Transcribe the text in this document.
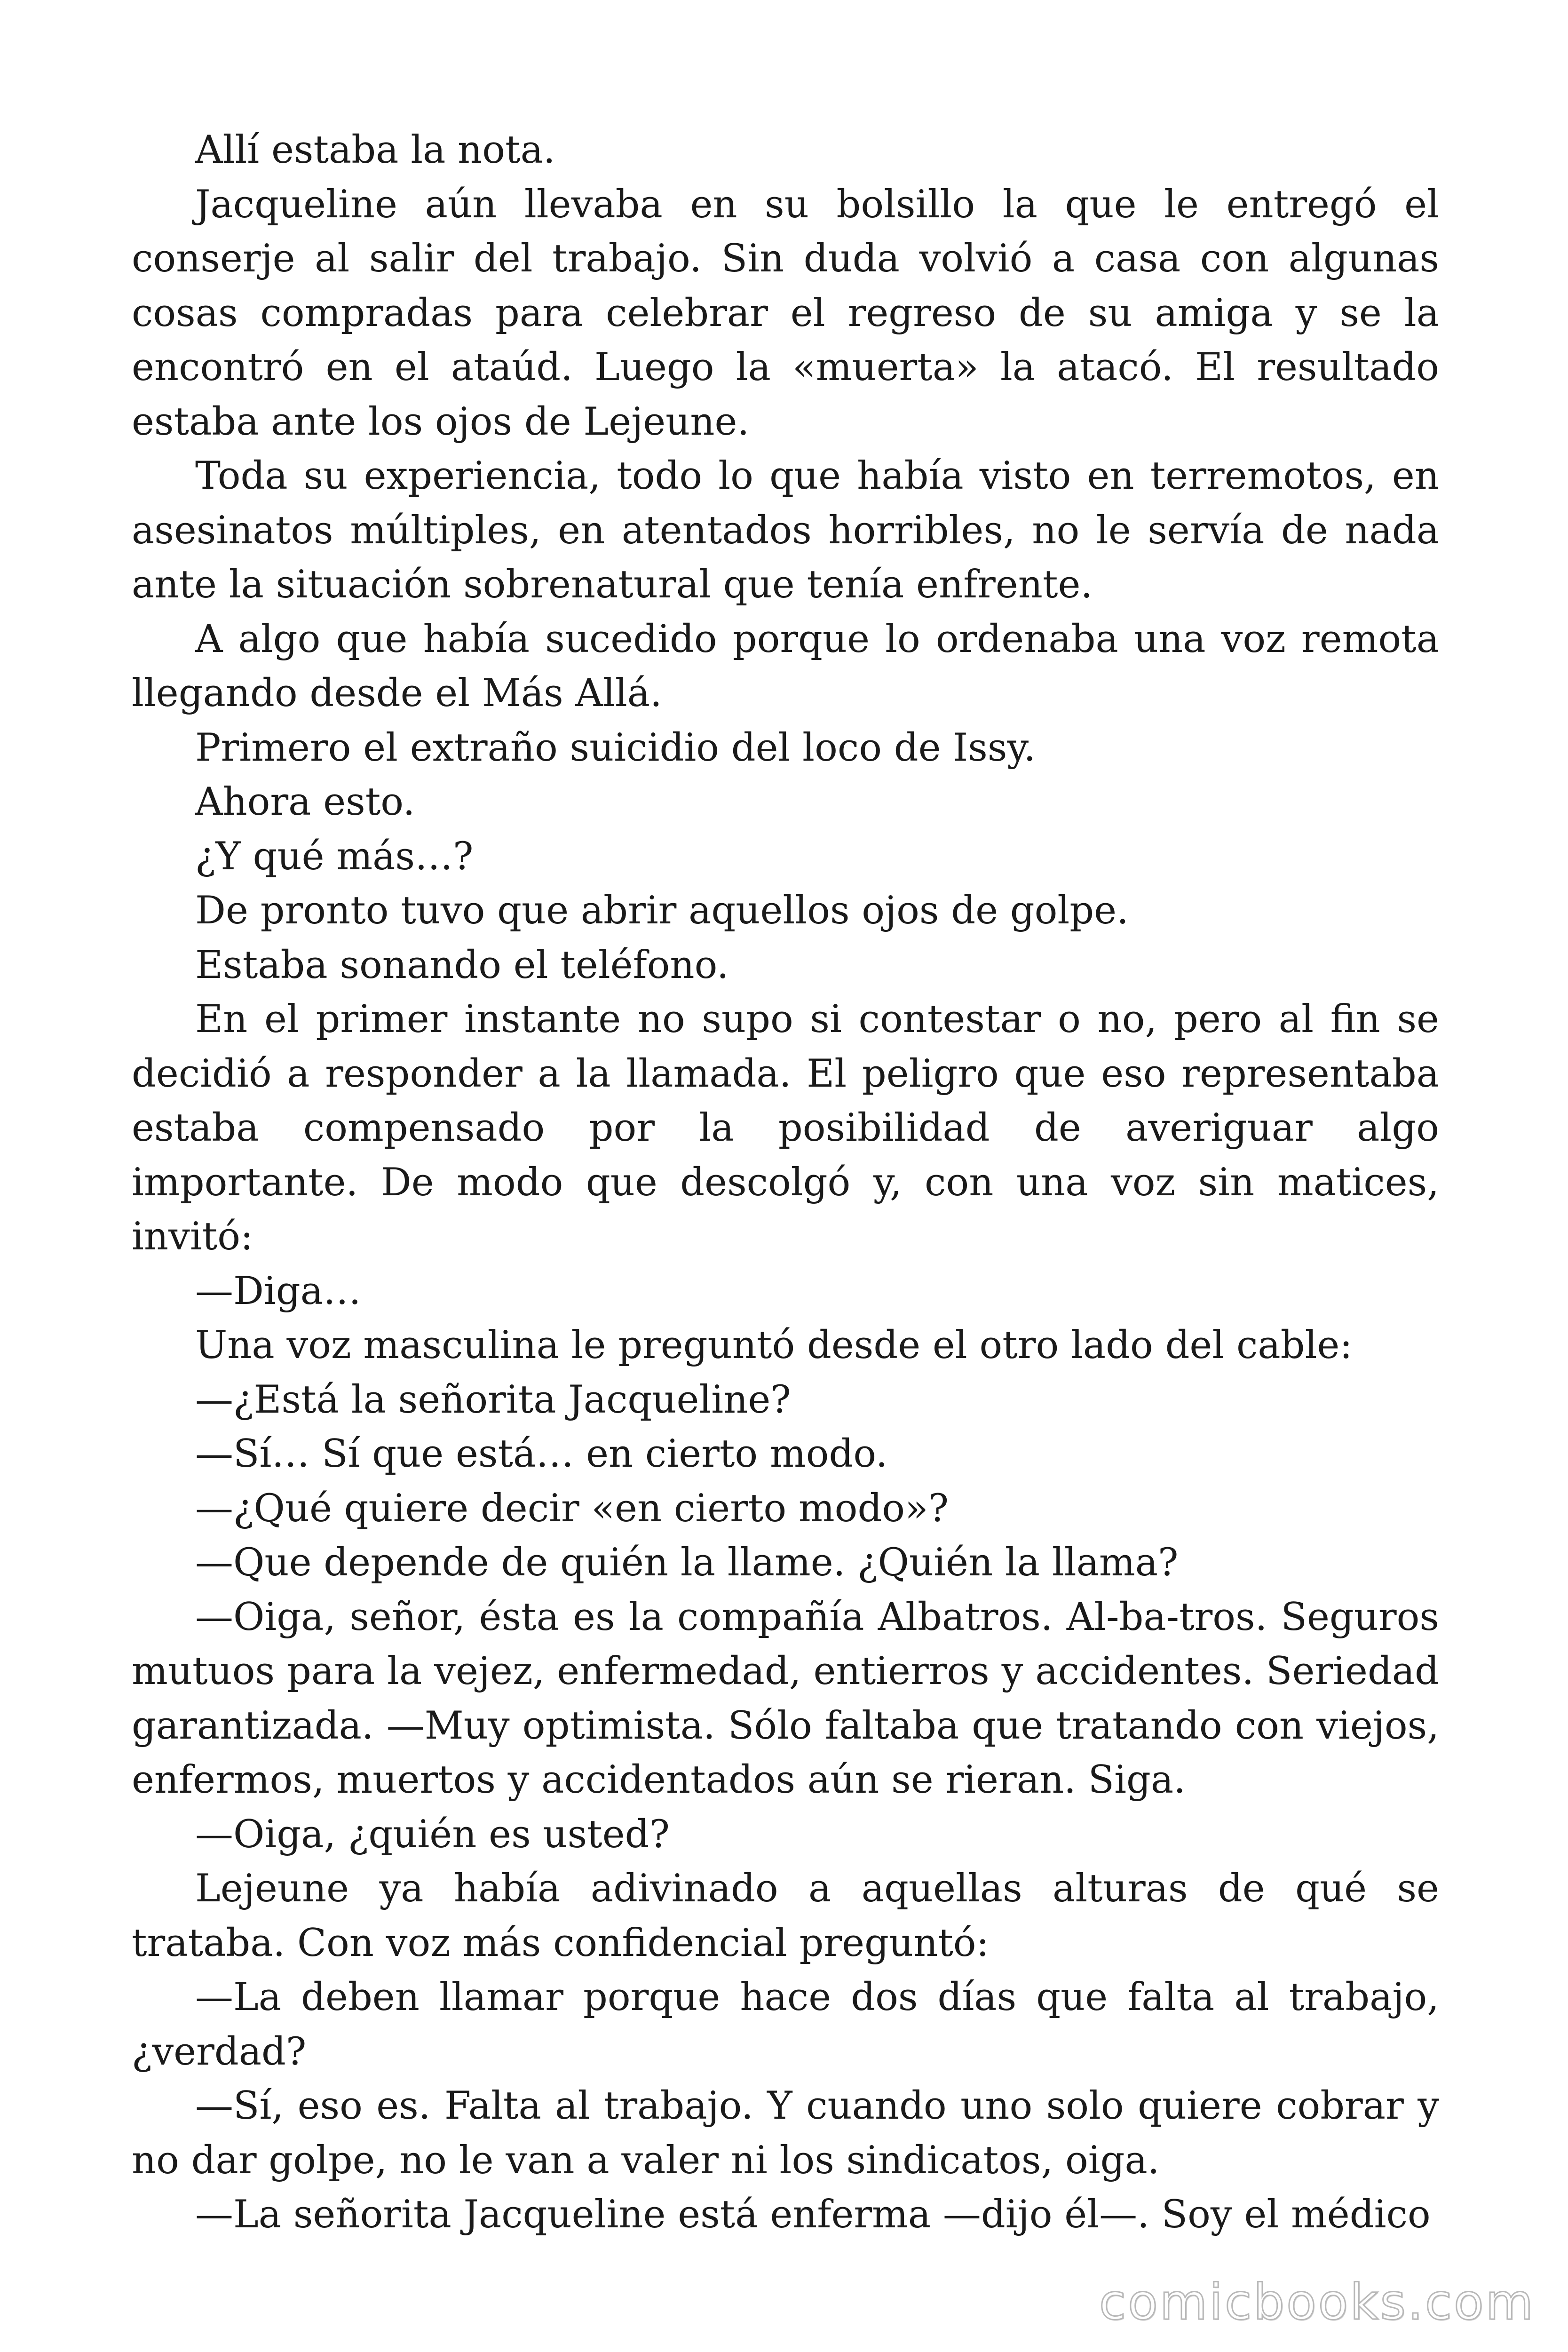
Allí estaba la nota.

Jacqueline aún llevaba en su bolsillo la que le entregó el conserje al salir del trabajo. Sin duda volvió a casa con algunas cosas compradas para celebrar el regreso de su amiga y se la encontró en el ataúd. Luego la «muerta» la atacó. El resultado estaba ante los ojos de Lejeune.

Toda su experiencia, todo lo que había visto en terremotos, en asesinatos múltiples, en atentados horribles, no le servía de nada ante la situación sobrenatural que tenía enfrente.

A algo que había sucedido porque lo ordenaba una voz remota llegando desde el Más Allá.

Primero el extraño suicidio del loco de Issy.

Ahora esto.

¿Y qué más…?

De pronto tuvo que abrir aquellos ojos de golpe.

Estaba sonando el teléfono.

En el primer instante no supo si contestar o no, pero al fin se decidió a responder a la llamada. El peligro que eso representaba estaba compensado por la posibilidad de averiguar algo importante. De modo que descolgó y, con una voz sin matices, invitó:

—Diga…

Una voz masculina le preguntó desde el otro lado del cable:

—¿Está la señorita Jacqueline?

—Sí… Sí que está… en cierto modo.

—¿Qué quiere decir «en cierto modo»?

—Que depende de quién la llame. ¿Quién la llama?

—Oiga, señor, ésta es la compañía Albatros. Al-ba-tros. Seguros mutuos para la vejez, enfermedad, entierros y accidentes. Seriedad garantizada. —Muy optimista. Sólo faltaba que tratando con viejos, enfermos, muertos y accidentados aún se rieran. Siga.

—Oiga, ¿quién es usted?

Lejeune ya había adivinado a aquellas alturas de qué se trataba. Con voz más confidencial preguntó:

—La deben llamar porque hace dos días que falta al trabajo, ¿verdad?

—Sí, eso es. Falta al trabajo. Y cuando uno solo quiere cobrar y no dar golpe, no le van a valer ni los sindicatos, oiga.

—La señorita Jacqueline está enferma —dijo él—. Soy el médico

comicbooks.com
